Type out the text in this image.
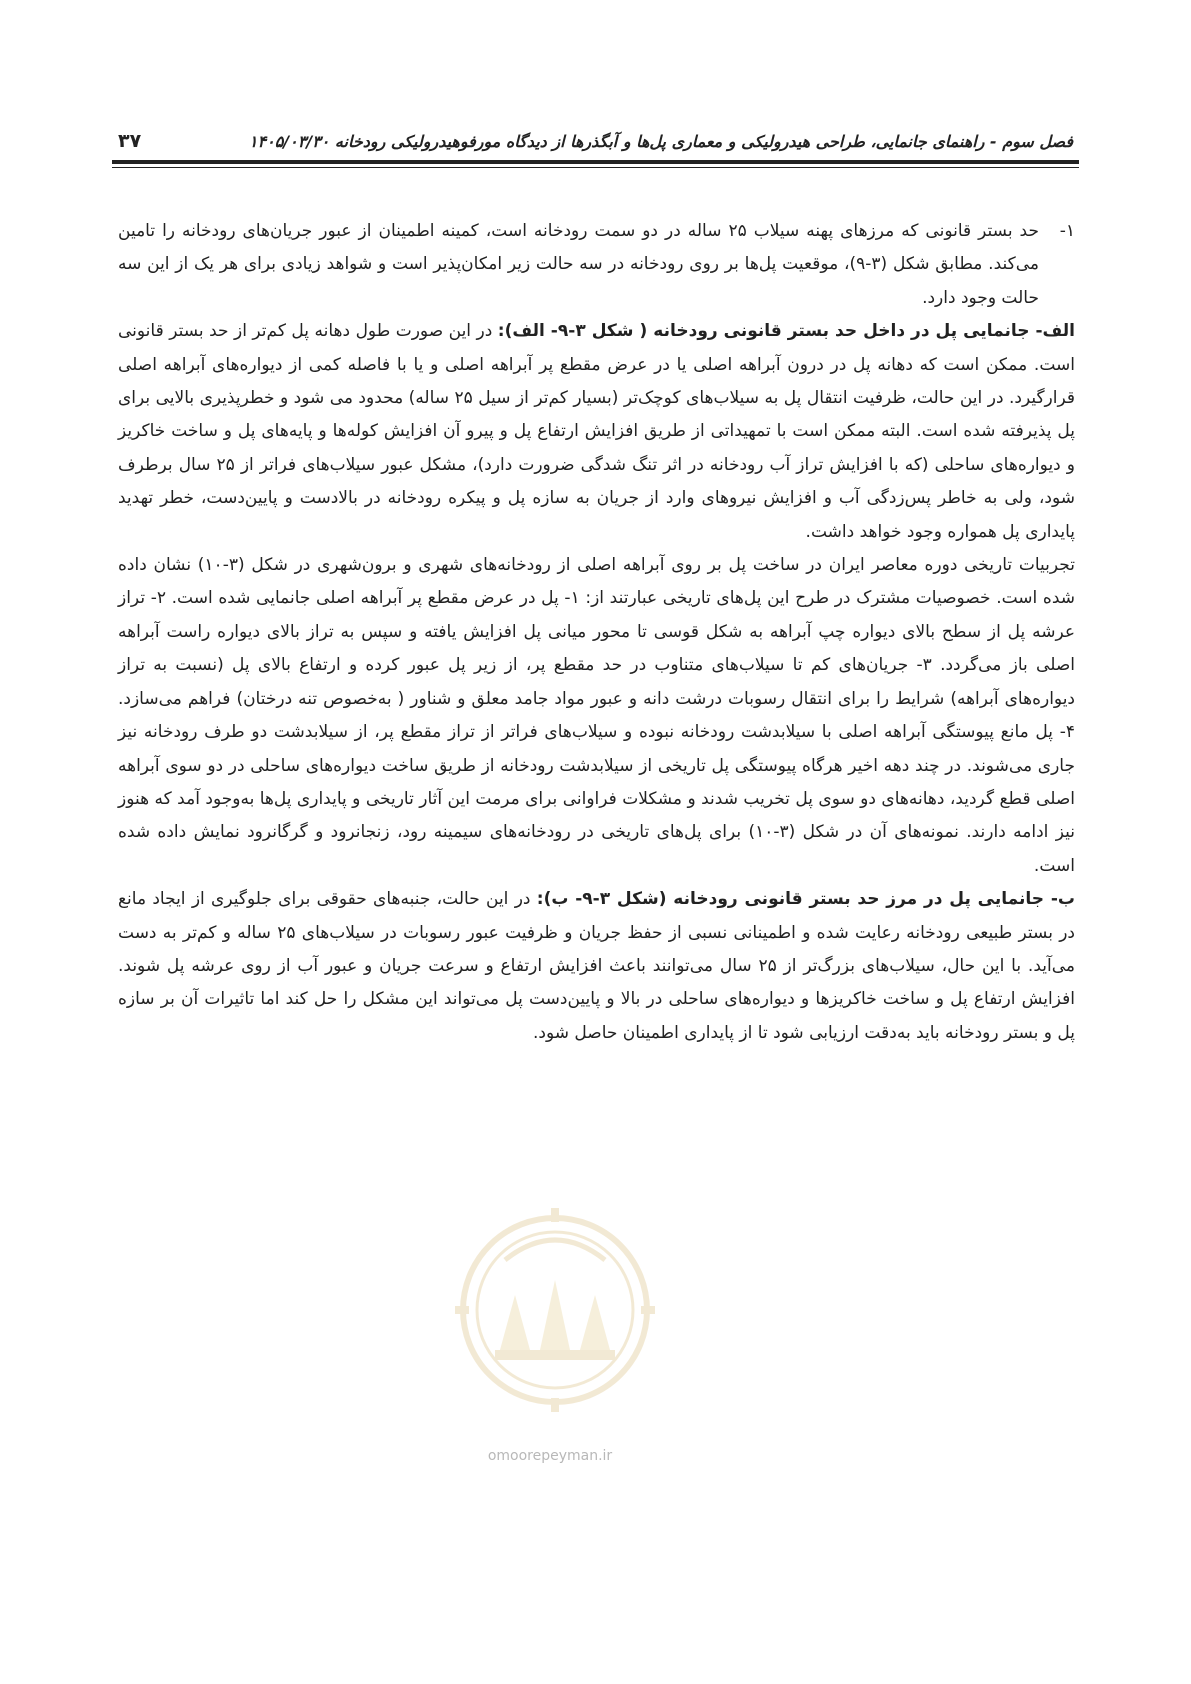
فصل سوم - راهنمای جانمایی، طراحی هیدرولیکی و معماری پل‌ها و آبگذرها از دیدگاه مورفوهیدرولیکی رودخانه ۱۴۰۵/۰۳/۳۰
۳۷
۱-

حد بستر قانونی که مرزهای پهنه سیلاب ۲۵ ساله در دو سمت رودخانه است، کمینه اطمینان از عبور جریان‌های رودخانه را تامین می‌کند. مطابق شکل (۳-۹)، موقعیت پل‌ها بر روی رودخانه در سه حالت زیر امکان‌پذیر است و شواهد زیادی برای هر یک از این سه حالت وجود دارد.

الف- جانمایی پل در داخل حد بستر قانونی رودخانه ( شکل ۳-۹- الف): در این صورت طول دهانه پل کم‌تر از حد بستر قانونی است. ممکن است که دهانه پل در درون آبراهه اصلی یا در عرض مقطع پر آبراهه اصلی و یا با فاصله کمی از دیواره‌های آبراهه اصلی قرارگیرد. در این حالت، ظرفیت انتقال پل به سیلاب‌های کوچک‌تر (بسیار کم‌تر از سیل ۲۵ ساله) محدود می شود و خطرپذیری بالایی برای پل پذیرفته شده است. البته ممکن است با تمهیداتی از طریق افزایش ارتفاع پل و پیرو آن افزایش کوله‌ها و پایه‌های پل و ساخت خاکریز و دیواره‌های ساحلی (که با افزایش تراز آب رودخانه در اثر تنگ شدگی ضرورت دارد)، مشکل عبور سیلاب‌های فراتر از ۲۵ سال برطرف شود، ولی به خاطر پس‌زدگی آب و افزایش نیروهای وارد از جریان به سازه پل و پیکره رودخانه در بالادست و پایین‌دست، خطر تهدید پایداری پل همواره وجود خواهد داشت.

تجربیات تاریخی دوره معاصر ایران در ساخت پل بر روی آبراهه اصلی از رودخانه‌های شهری و برون‌شهری در شکل (۳-۱۰) نشان داده شده است. خصوصیات مشترک در طرح این پل‌های تاریخی عبارتند از: ۱- پل در عرض مقطع پر آبراهه اصلی جانمایی شده است. ۲- تراز عرشه پل از سطح بالای دیواره چپ آبراهه به شکل قوسی تا محور میانی پل افزایش یافته و سپس به تراز بالای دیواره راست آبراهه اصلی باز می‌گردد. ۳- جریان‌های کم تا سیلاب‌های متناوب در حد مقطع پر، از زیر پل عبور کرده و ارتفاع بالای پل (نسبت به تراز دیواره‌های آبراهه) شرایط را برای انتقال رسوبات درشت دانه و عبور مواد جامد معلق و شناور ( به‌خصوص تنه درختان) فراهم می‌سازد. ۴- پل مانع پیوستگی آبراهه اصلی با سیلابدشت رودخانه نبوده و سیلاب‌های فراتر از تراز مقطع پر، از سیلابدشت دو طرف رودخانه نیز جاری می‌شوند. در چند دهه اخیر هرگاه پیوستگی پل تاریخی از سیلابدشت رودخانه از طریق ساخت دیواره‌های ساحلی در دو سوی آبراهه اصلی قطع گردید، دهانه‌های دو سوی پل تخریب شدند و مشکلات فراوانی برای مرمت این آثار تاریخی و پایداری پل‌ها به‌وجود آمد که هنوز نیز ادامه دارند. نمونه‌های آن در شکل (۳-۱۰) برای پل‌های تاریخی در رودخانه‌های سیمینه رود، زنجانرود و گرگانرود نمایش داده شده است.

ب- جانمایی پل در مرز حد بستر قانونی رودخانه (شکل ۳-۹- ب): در این حالت، جنبه‌های حقوقی برای جلوگیری از ایجاد مانع در بستر طبیعی رودخانه رعایت شده و اطمینانی نسبی از حفظ جریان و ظرفیت عبور رسوبات در سیلاب‌های ۲۵ ساله و کم‌تر به دست می‌آید. با این حال، سیلاب‌های بزرگ‌تر از ۲۵ سال می‌توانند باعث افزایش ارتفاع و سرعت جریان و عبور آب از روی عرشه پل شوند. افزایش ارتفاع پل و ساخت خاکریزها و دیواره‌های ساحلی در بالا و پایین‌دست پل می‌تواند این مشکل را حل کند اما تاثیرات آن بر سازه پل و بستر رودخانه باید به‌دقت ارزیابی شود تا از پایداری اطمینان حاصل شود.

omoorepeyman.ir
